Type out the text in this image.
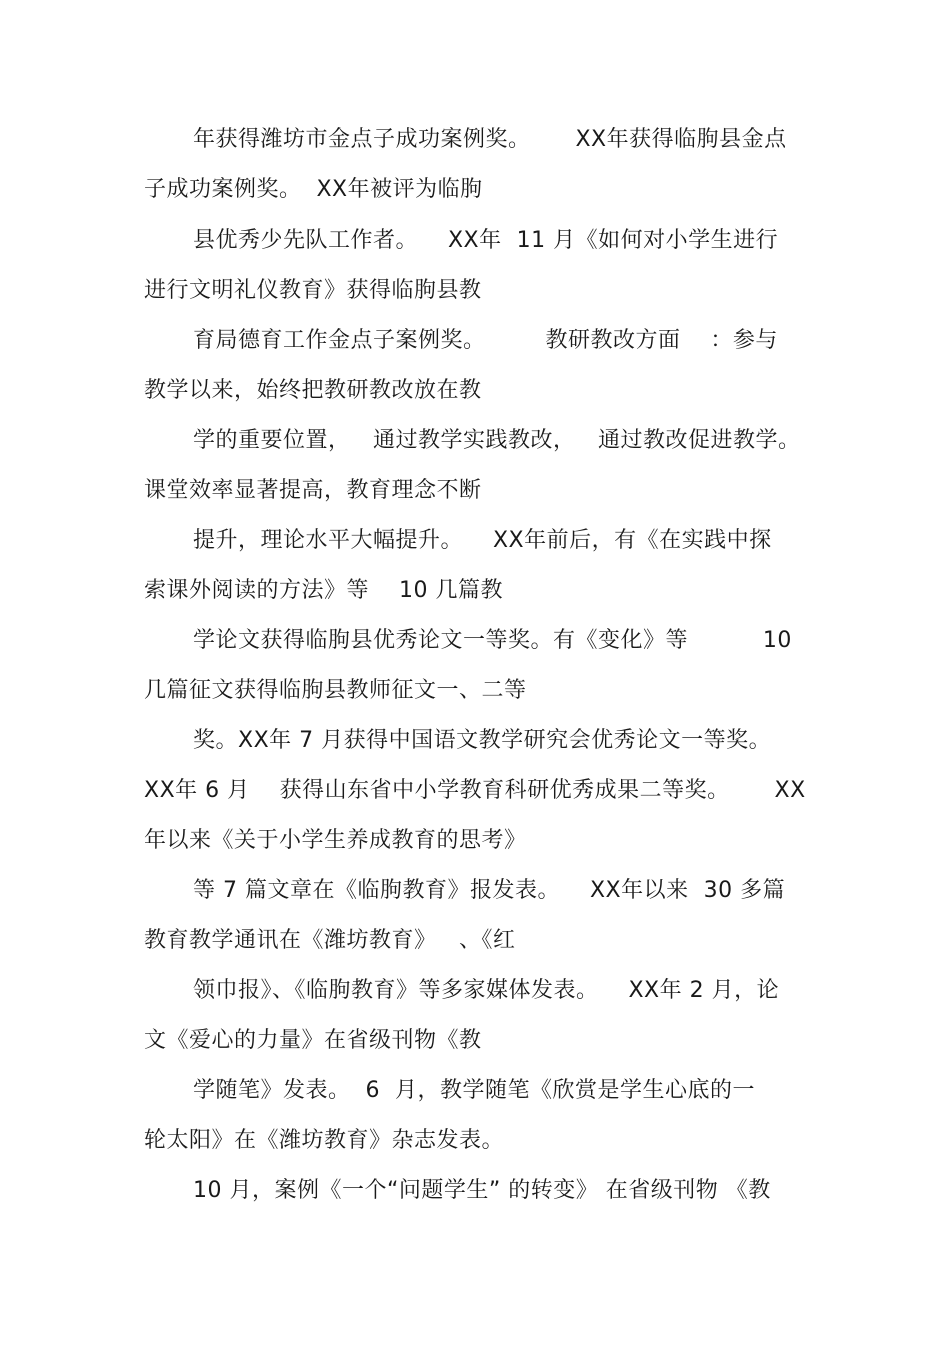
年获得潍坊市金点子成功案例奖。      XX年获得临朐县金点
子成功案例奖。  XX年被评为临朐
县优秀少先队工作者。    XX年  11 月《如何对小学生进行
进行文明礼仪教育》获得临朐县教
育局德育工作金点子案例奖。        教研教改方面    ：参与
教学以来，始终把教研教改放在教
学的重要位置，   通过教学实践教改，   通过教改促进教学。
课堂效率显著提高，教育理念不断
提升，理论水平大幅提升。    XX年前后，有《在实践中探
索课外阅读的方法》等    10 几篇教
学论文获得临朐县优秀论文一等奖。有《变化》等          10
几篇征文获得临朐县教师征文一、二等
奖。XX年 7 月获得中国语文教学研究会优秀论文一等奖。
XX年 6 月    获得山东省中小学教育科研优秀成果二等奖。      XX
年以来《关于小学生养成教育的思考》
等 7 篇文章在《临朐教育》报发表。    XX年以来  30 多篇
教育教学通讯在《潍坊教育》   、《红
领巾报》、《临朐教育》等多家媒体发表。    XX年 2 月，论
文《爱心的力量》在省级刊物《教
学随笔》发表。  6  月，教学随笔《欣赏是学生心底的一
轮太阳》在《潍坊教育》杂志发表。
10 月，案例《一个“问题学生” 的转变》 在省级刊物 《教
